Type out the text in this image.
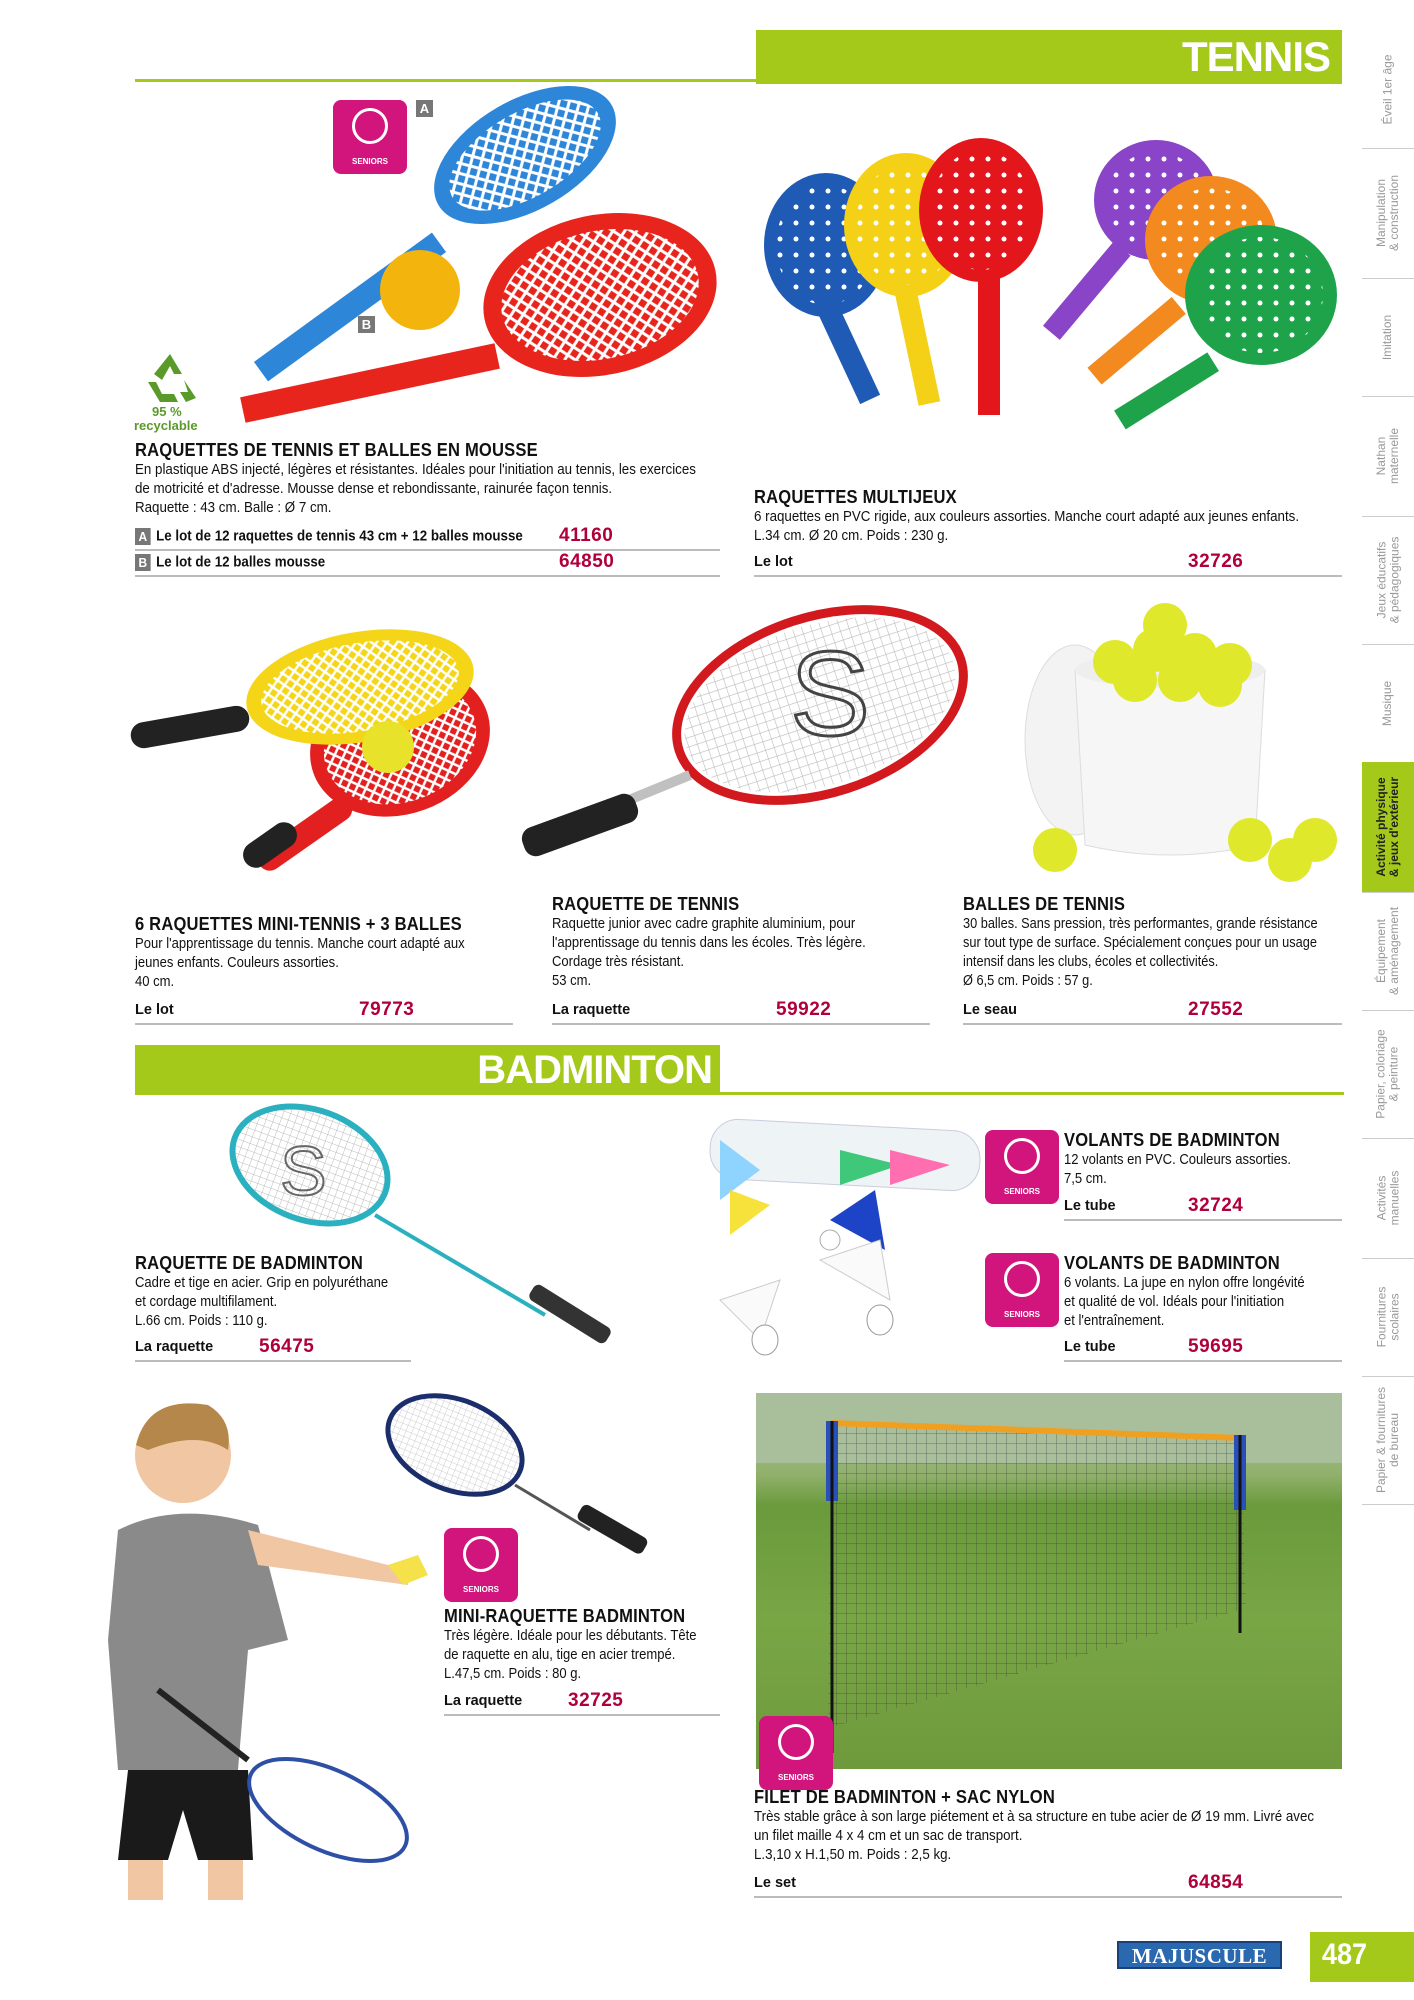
TENNIS	Éveil 1er âge
Manipulation
& construction
Imitation
Nathan
maternelle
Jeux éducatifs
& pédagogiques
Musique
Activité physique
& jeux d'extérieur
Équipement
& aménagement
Papier, coloriage
& peinture
Activités
manuelles
Fournitures
scolaires
Papier & fournitures
de bureau
SENIORS
A
B
95 %
recyclable
RAQUETTES DE TENNIS ET BALLES EN MOUSSE

En plastique ABS injecté, légères et résistantes. Idéales pour l'initiation au tennis, les exercices

de motricité et d'adresse. Mousse dense et rebondissante, rainurée façon tennis.

Raquette : 43 cm. Balle : Ø 7 cm.

A Le lot de 12 raquettes de tennis 43 cm + 12 balles mousse 41160
B Le lot de 12 balles mousse	64850
RAQUETTES MULTIJEUX

6 raquettes en PVC rigide, aux couleurs assorties. Manche court adapté aux jeunes enfants.

L.34 cm. Ø 20 cm. Poids : 230 g.

Le lot	32726
S
6 RAQUETTES MINI-TENNIS + 3 BALLES

Pour l'apprentissage du tennis. Manche court adapté aux

jeunes enfants. Couleurs assorties.

40 cm.

Le lot	79773
RAQUETTE DE TENNIS

Raquette junior avec cadre graphite aluminium, pour

l'apprentissage du tennis dans les écoles. Très légère.

Cordage très résistant.

53 cm.

La raquette	59922
BALLES DE TENNIS

30 balles. Sans pression, très performantes, grande résistance

sur tout type de surface. Spécialement conçues pour un usage

intensif dans les clubs, écoles et collectivités.

Ø 6,5 cm. Poids : 57 g.

Le seau	27552
BADMINTON
S
RAQUETTE DE BADMINTON

Cadre et tige en acier. Grip en polyuréthane

et cordage multifilament.

L.66 cm. Poids : 110 g.

La raquette 56475
SENIORS
VOLANTS DE BADMINTON

12 volants en PVC. Couleurs assorties.

7,5 cm.

Le tube	32724
SENIORS
VOLANTS DE BADMINTON

6 volants. La jupe en nylon offre longévité

et qualité de vol. Idéals pour l'initiation

et l'entraînement.

Le tube	59695
SENIORS
MINI-RAQUETTE BADMINTON

Très légère. Idéale pour les débutants. Tête

de raquette en alu, tige en acier trempé.

L.47,5 cm. Poids : 80 g.

La raquette 32725
SENIORS
FILET DE BADMINTON + SAC NYLON

Très stable grâce à son large piétement et à sa structure en tube acier de Ø 19 mm. Livré avec

un filet maille 4 x 4 cm et un sac de transport.

L.3,10 x H.1,50 m. Poids : 2,5 kg.

Le set	64854
MAJUSCULE	487
